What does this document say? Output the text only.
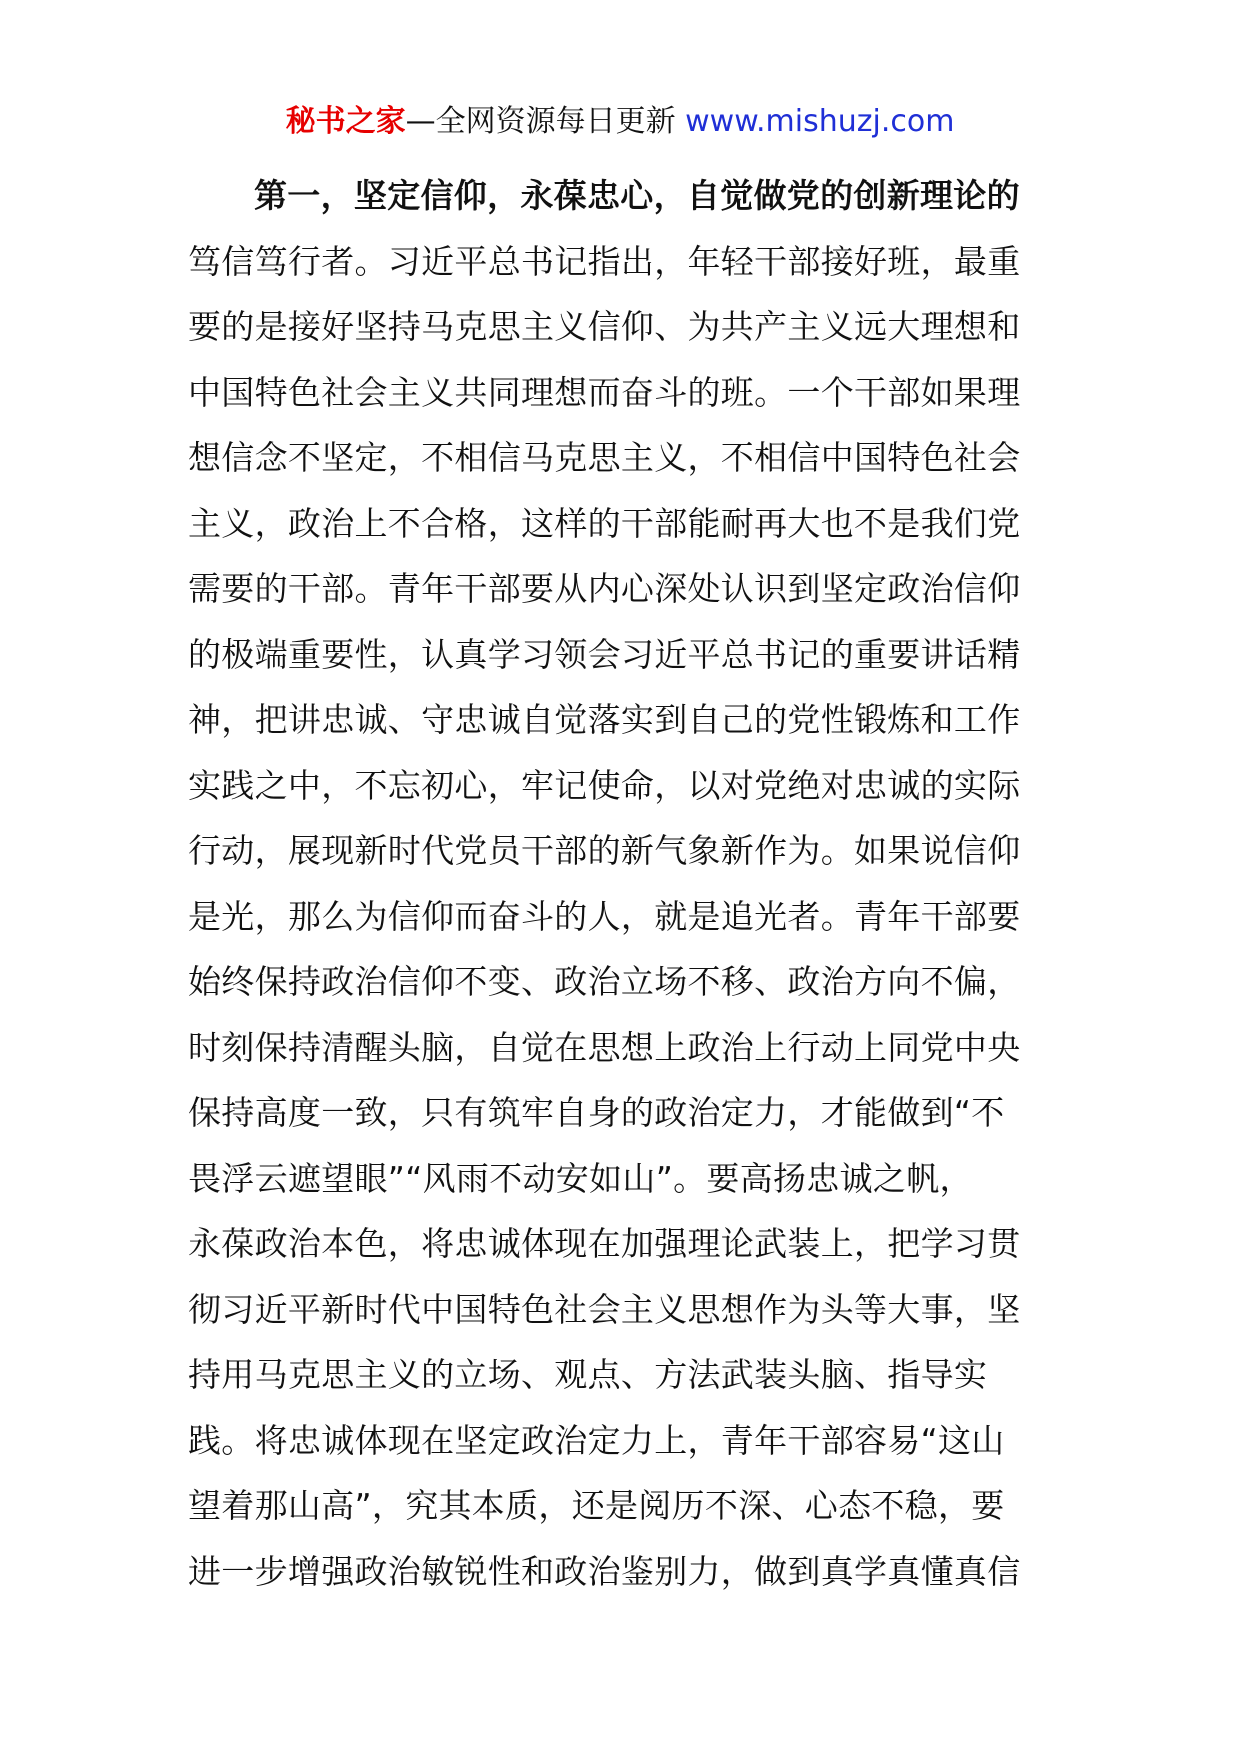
秘书之家—全网资源每日更新 www.mishuzj.com
第一，坚定信仰，永葆忠心，自觉做党的创新理论的
笃信笃行者。习近平总书记指出，年轻干部接好班，最重
要的是接好坚持马克思主义信仰、为共产主义远大理想和
中国特色社会主义共同理想而奋斗的班。一个干部如果理
想信念不坚定，不相信马克思主义，不相信中国特色社会
主义，政治上不合格，这样的干部能耐再大也不是我们党
需要的干部。青年干部要从内心深处认识到坚定政治信仰
的极端重要性，认真学习领会习近平总书记的重要讲话精
神，把讲忠诚、守忠诚自觉落实到自己的党性锻炼和工作
实践之中，不忘初心，牢记使命，以对党绝对忠诚的实际
行动，展现新时代党员干部的新气象新作为。如果说信仰
是光，那么为信仰而奋斗的人，就是追光者。青年干部要
始终保持政治信仰不变、政治立场不移、政治方向不偏，
时刻保持清醒头脑，自觉在思想上政治上行动上同党中央
保持高度一致，只有筑牢自身的政治定力，才能做到“不
畏浮云遮望眼”“风雨不动安如山”。要高扬忠诚之帆，
永葆政治本色，将忠诚体现在加强理论武装上，把学习贯
彻习近平新时代中国特色社会主义思想作为头等大事，坚
持用马克思主义的立场、观点、方法武装头脑、指导实
践。将忠诚体现在坚定政治定力上，青年干部容易“这山
望着那山高”，究其本质，还是阅历不深、心态不稳，要
进一步增强政治敏锐性和政治鉴别力，做到真学真懂真信
